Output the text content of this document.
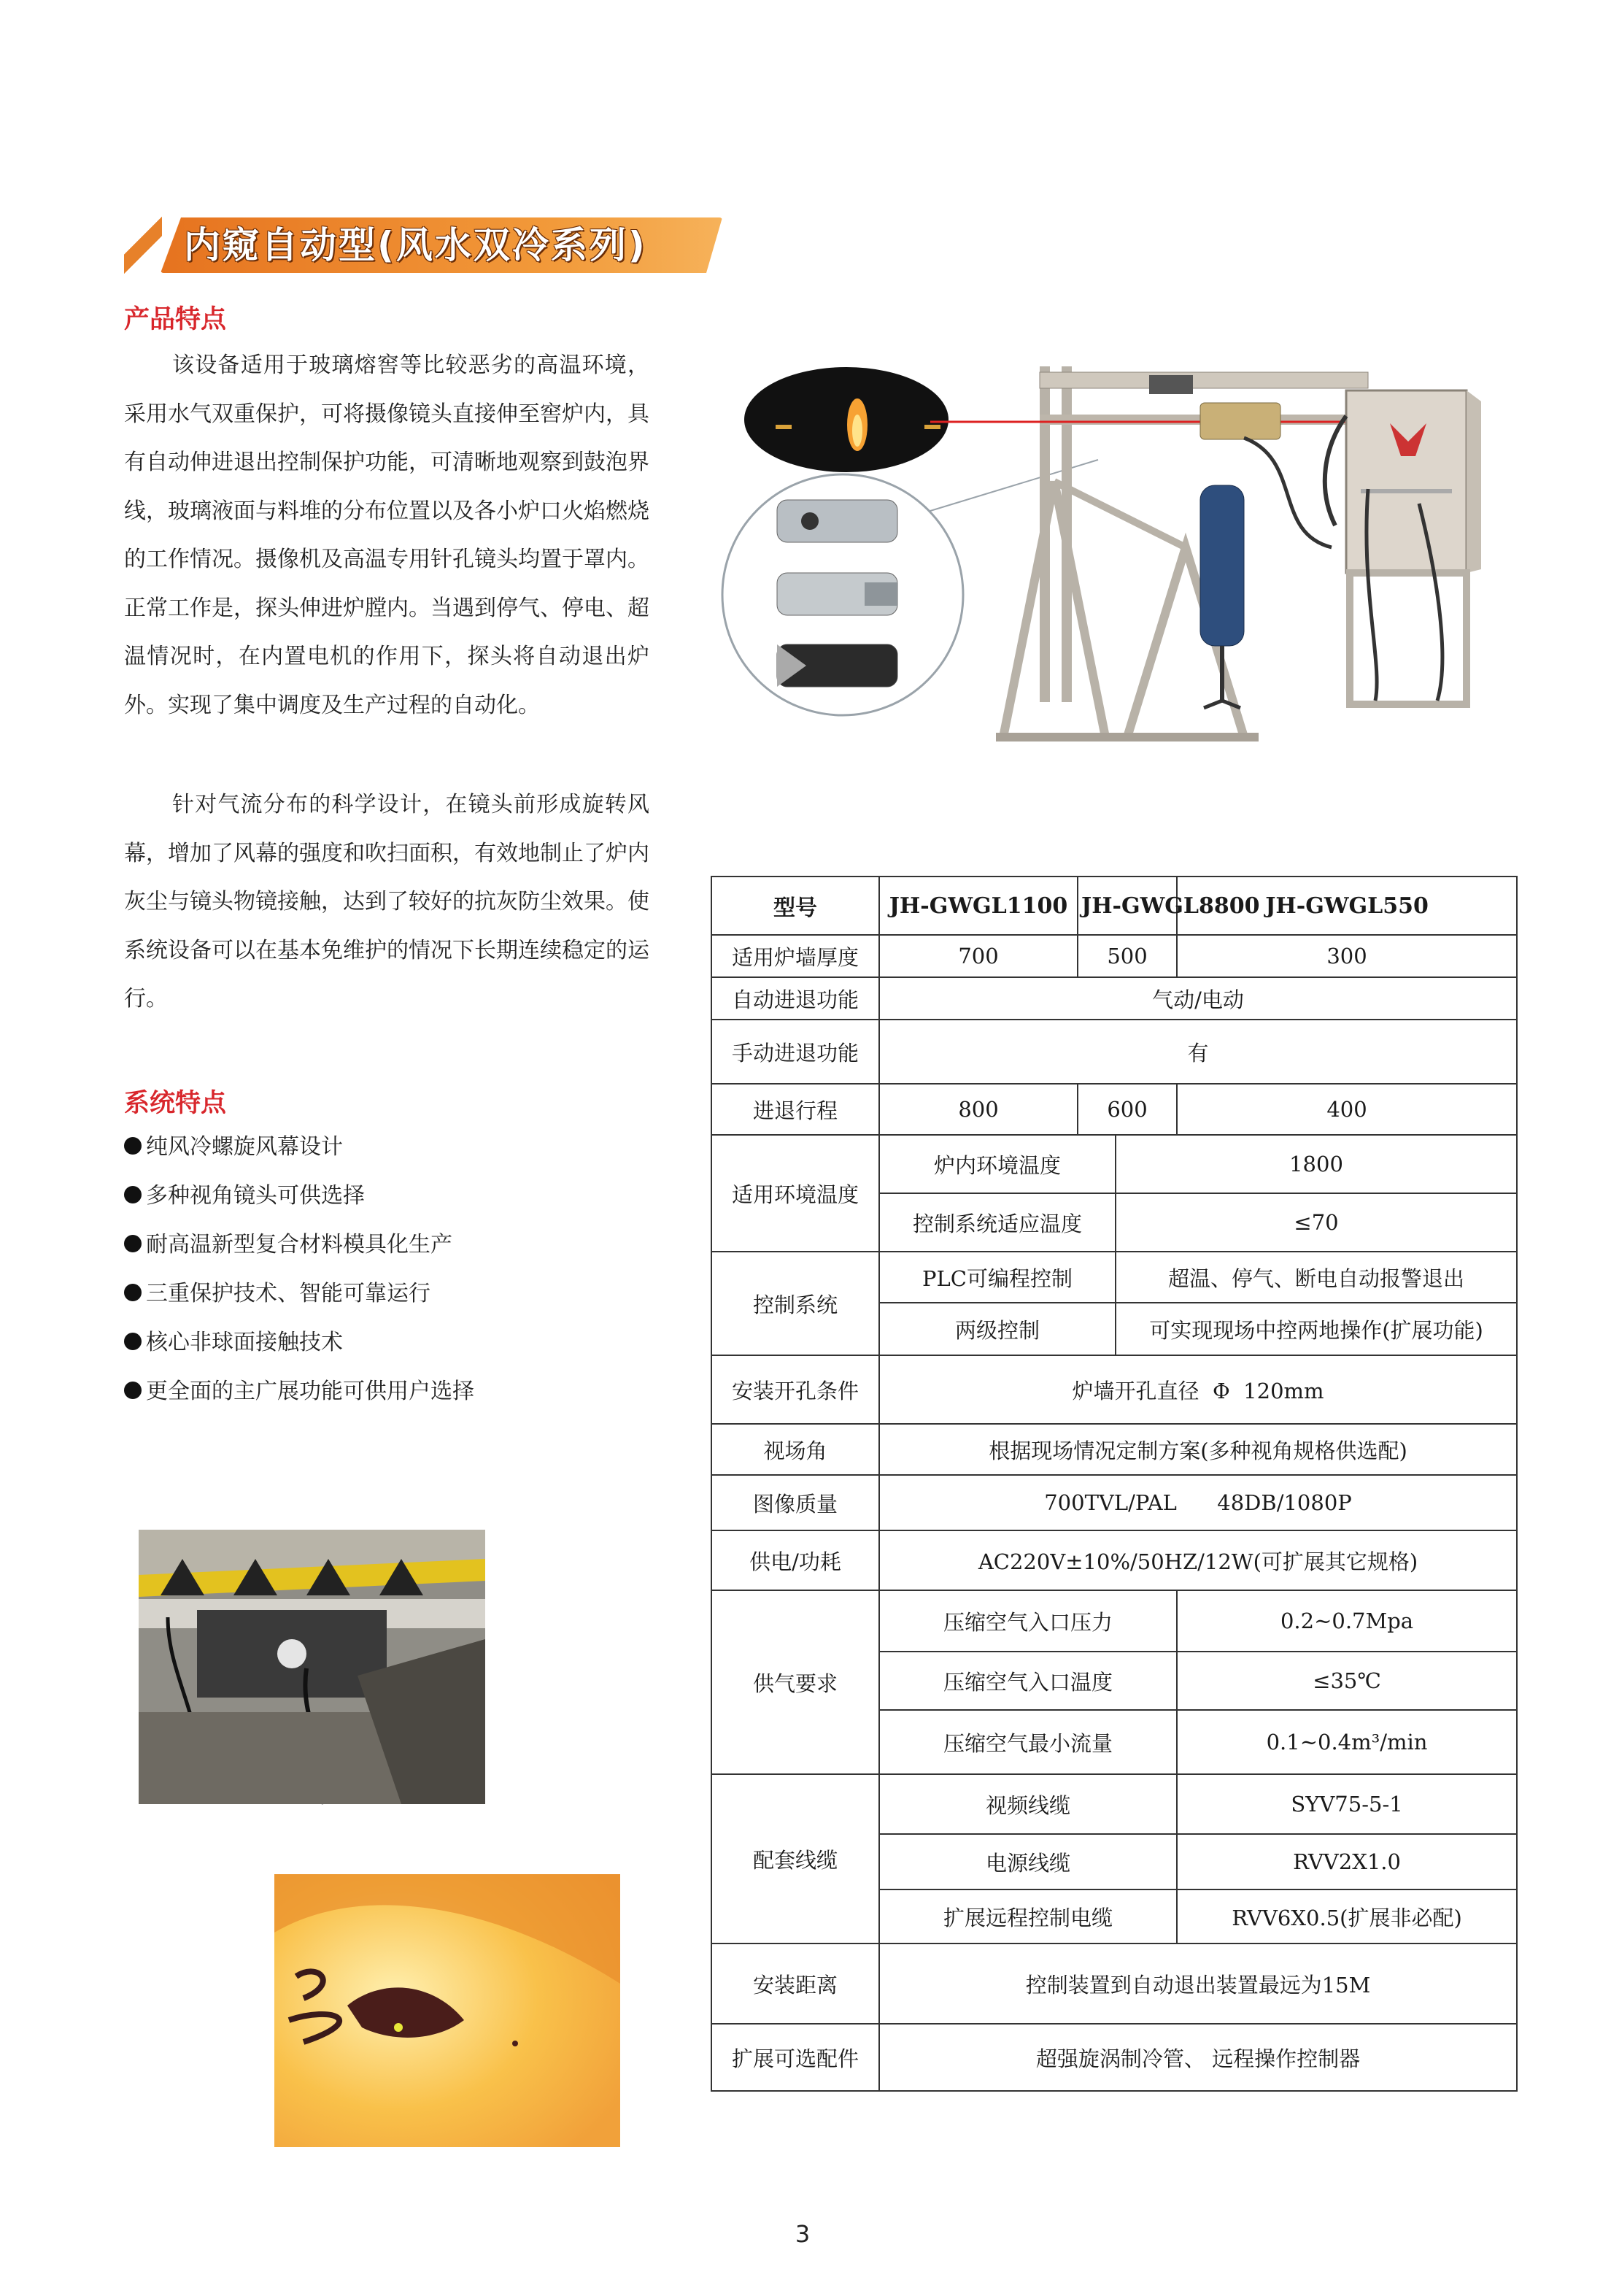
内窥自动型(风水双冷系列)
产品特点

该设备适用于玻璃熔窖等比较恶劣的高温环境，采用水气双重保护，可将摄像镜头直接伸至窖炉内，具有自动伸进退出控制保护功能，可清晰地观察到鼓泡界线，玻璃液面与料堆的分布位置以及各小炉口火焰燃烧的工作情况。摄像机及高温专用针孔镜头均置于罩内。正常工作是，探头伸进炉膛内。当遇到停气、停电、超温情况时，在内置电机的作用下，探头将自动退出炉外。实现了集中调度及生产过程的自动化。

针对气流分布的科学设计，在镜头前形成旋转风幕，增加了风幕的强度和吹扫面积，有效地制止了炉内灰尘与镜头物镜接触，达到了较好的抗灰防尘效果。使系统设备可以在基本免维护的情况下长期连续稳定的运行。

系统特点
纯风冷螺旋风幕设计
多种视角镜头可供选择
耐高温新型复合材料模具化生产
三重保护技术、智能可靠运行
核心非球面接触技术
更全面的主广展功能可供用户选择
型号	JH-GWGL1100	JH-GWGL8800		JH-GWGL550
适用炉墙厚度	700	500		300
自动进退功能	气动/电动			
手动进退功能	有			
进退行程	800	600		400
适用环境温度	炉内环境温度		1800	
	控制系统适应温度		≤70	
控制系统	PLC可编程控制		超温、停气、断电自动报警退出	
	两级控制		可实现现场中控两地操作(扩展功能)	
安装开孔条件	炉墙开孔直径  Φ  120mm			
视场角	根据现场情况定制方案(多种视角规格供选配)			
图像质量	700TVL/PAL      48DB/1080P			
供电/功耗	AC220V±10%/50HZ/12W(可扩展其它规格)			
供气要求	压缩空气入口压力			0.2~0.7Mpa
	压缩空气入口温度			≤35℃
	压缩空气最小流量			0.1~0.4m³/min
配套线缆	视频线缆			SYV75-5-1
	电源线缆			RVV2X1.0
	扩展远程控制电缆			RVV6X0.5(扩展非必配)
安装距离	控制装置到自动退出装置最远为15M			
扩展可选配件	超强旋涡制冷管、 远程操作控制器			
3
